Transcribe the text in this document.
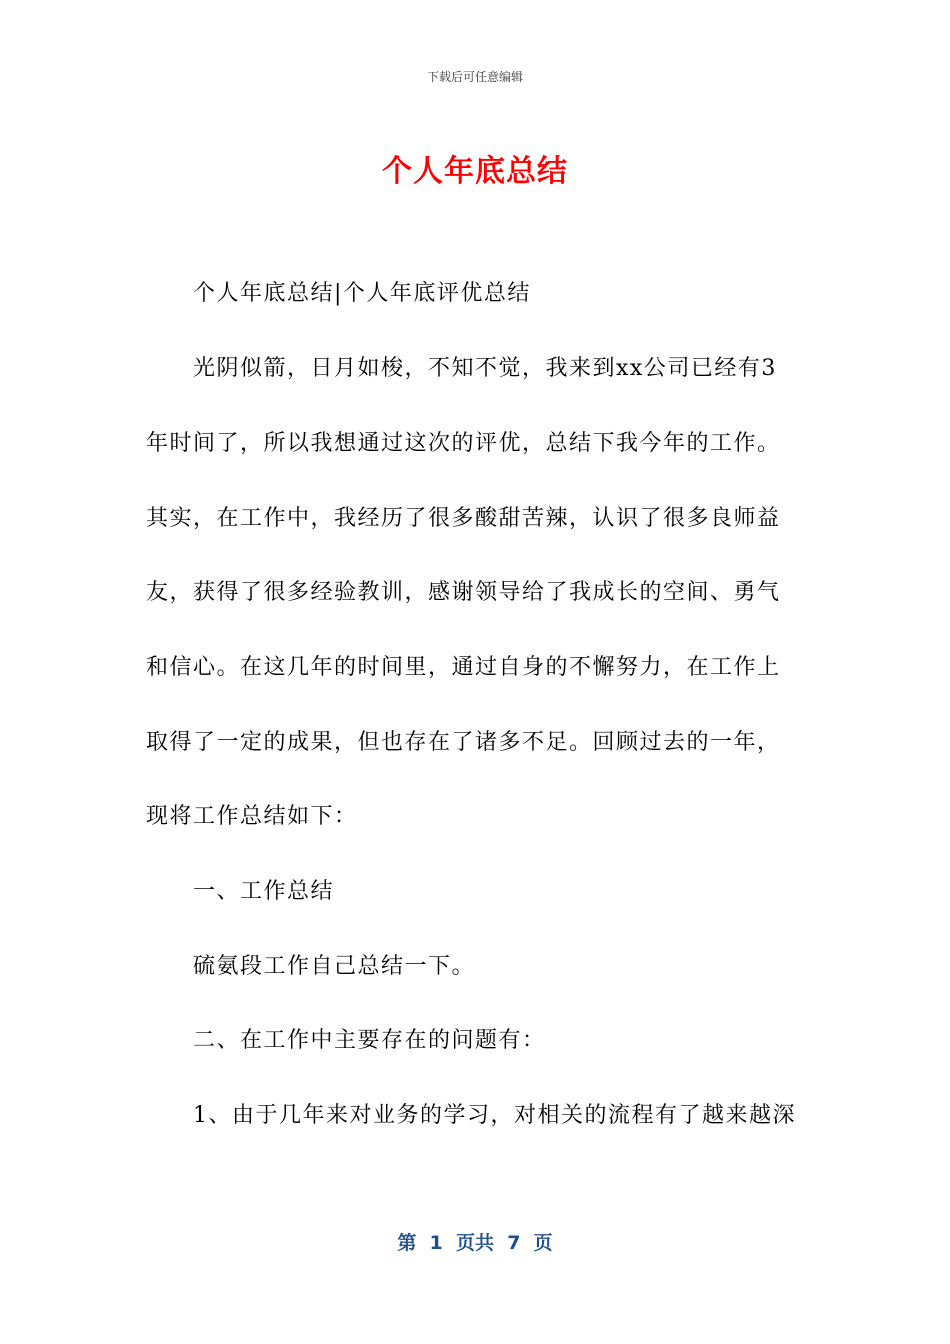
下载后可任意编辑
个人年底总结
个人年底总结|个人年底评优总结
光阴似箭，日月如梭，不知不觉，我来到xx公司已经有3
年时间了，所以我想通过这次的评优，总结下我今年的工作。
其实，在工作中，我经历了很多酸甜苦辣，认识了很多良师益
友，获得了很多经验教训，感谢领导给了我成长的空间、勇气
和信心。在这几年的时间里，通过自身的不懈努力，在工作上
取得了一定的成果，但也存在了诸多不足。回顾过去的一年，
现将工作总结如下：
一、工作总结
硫氨段工作自己总结一下。
二、在工作中主要存在的问题有：
1、由于几年来对业务的学习，对相关的流程有了越来越深
第  1  页共  7  页
